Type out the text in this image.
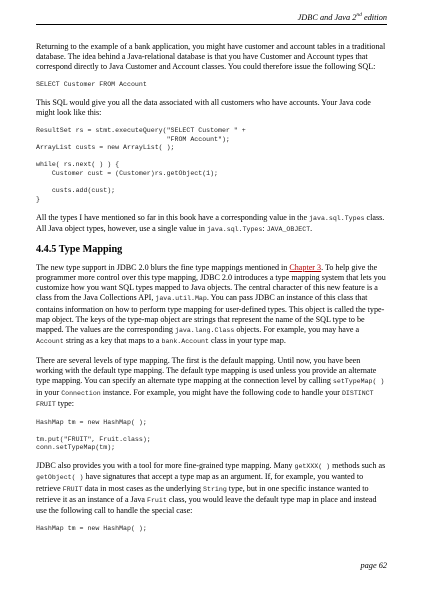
JDBC and Java 2nd edition

Returning to the example of a bank application, you might have customer and account tables in a traditional database. The idea behind a Java-relational database is that you have Customer and Account types that correspond directly to Java Customer and Account classes. You could therefore issue the following SQL:

SELECT Customer FROM Account

This SQL would give you all the data associated with all customers who have accounts. Your Java code might look like this:

ResultSet rs = stmt.executeQuery("SELECT Customer " +
"FROM Account");
ArrayList custs = new ArrayList( );

while( rs.next( ) ) {
Customer cust = (Customer)rs.getObject(1);

custs.add(cust);
}

All the types I have mentioned so far in this book have a corresponding value in the java.sql.Types class. All Java object types, however, use a single value in java.sql.Types: JAVA_OBJECT.

4.4.5 Type Mapping

The new type support in JDBC 2.0 blurs the fine type mappings mentioned in Chapter 3. To help give the programmer more control over this type mapping, JDBC 2.0 introduces a type mapping system that lets you customize how you want SQL types mapped to Java objects. The central character of this new feature is a class from the Java Collections API, java.util.Map. You can pass JDBC an instance of this class that contains information on how to perform type mapping for user-defined types. This object is called the type-map object. The keys of the type-map object are strings that represent the name of the SQL type to be mapped. The values are the corresponding java.lang.Class objects. For example, you may have a Account string as a key that maps to a bank.Account class in your type map.

There are several levels of type mapping. The first is the default mapping. Until now, you have been working with the default type mapping. The default type mapping is used unless you provide an alternate type mapping. You can specify an alternate type mapping at the connection level by calling setTypeMap( ) in your Connection instance. For example, you might have the following code to handle your DISTINCT FRUIT type:

HashMap tm = new HashMap( );
tm.put("FRUIT", Fruit.class);
conn.setTypeMap(tm);

JDBC also provides you with a tool for more fine-grained type mapping. Many getXXX( ) methods such as getObject( ) have signatures that accept a type map as an argument. If, for example, you wanted to retrieve FRUIT data in most cases as the underlying String type, but in one specific instance wanted to retrieve it as an instance of a Java Fruit class, you would leave the default type map in place and instead use the following call to handle the special case:

HashMap tm = new HashMap( );
page 62
